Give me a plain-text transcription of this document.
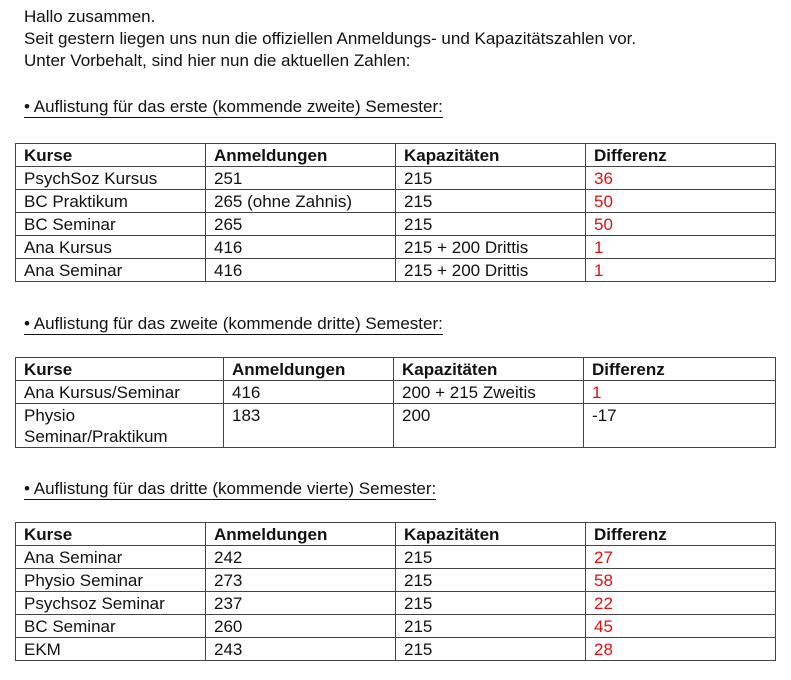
Hallo zusammen.
Seit gestern liegen uns nun die offiziellen Anmeldungs- und Kapazitätszahlen vor.
Unter Vorbehalt, sind hier nun die aktuellen Zahlen:
• Auflistung für das erste (kommende zweite) Semester:
Kurse	Anmeldungen	Kapazitäten	Differenz
PsychSoz Kursus	251	215	36
BC Praktikum	265 (ohne Zahnis)	215	50
BC Seminar	265	215	50
Ana Kursus	416	215 + 200 Drittis	1
Ana Seminar	416	215 + 200 Drittis	1
• Auflistung für das zweite (kommende dritte) Semester:
Kurse	Anmeldungen	Kapazitäten	Differenz
Ana Kursus/Seminar	416	200 + 215 Zweitis	1
Physio Seminar/Praktikum	183	200	-17
• Auflistung für das dritte (kommende vierte) Semester:
Kurse	Anmeldungen	Kapazitäten	Differenz
Ana Seminar	242	215	27
Physio Seminar	273	215	58
Psychsoz Seminar	237	215	22
BC Seminar	260	215	45
EKM	243	215	28
